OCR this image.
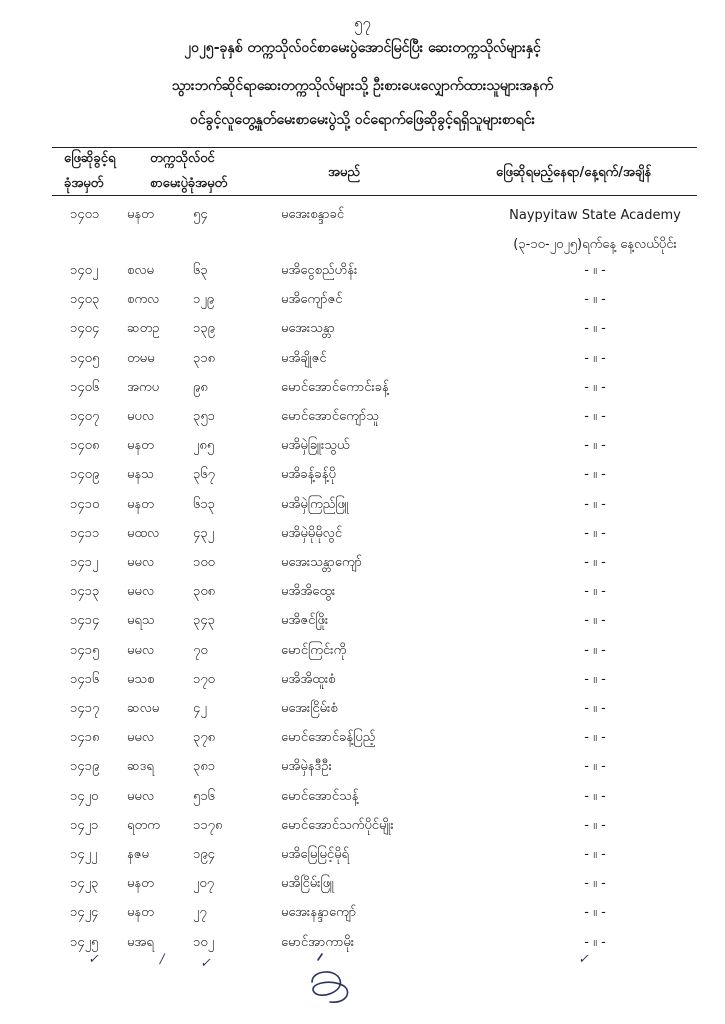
၅၇
၂၀၂၅-ခုနှစ် တက္ကသိုလ်ဝင်စာမေးပွဲအောင်မြင်ပြီး ဆေးတက္ကသိုလ်များနှင့်
သွားဘက်ဆိုင်ရာဆေးတက္ကသိုလ်များသို့ ဦးစားပေးလျှောက်ထားသူများအနက်
ဝင်ခွင့်လူတွေ့နှုတ်မေးစာမေးပွဲသို့ ဝင်ရောက်ဖြေဆိုခွင့်ရရှိသူများစာရင်း
ဖြေဆိုခွင့်ရ
ခုံအမှတ်
တက္ကသိုလ်ဝင်
စာမေးပွဲခုံအမှတ်
အမည်	ဖြေဆိုရမည့်နေရာ/နေ့ရက်/အချိန်
Naypyitaw State Academy
(၃-၁၀-၂၀၂၅)ရက်နေ့ နေ့လယ်ပိုင်း
၁၄၀၁ မနတ	၅၄	မအေးစန္ဒာခင်
၁၄၀၂ စလမ	၆၃	မအိငွေစည်ဟိန်း	- ။ -
၁၄၀၃ စကလ	၁၂၉	မအိကျော်ဇင်	- ။ -
၁၄၀၄ ဆတဥ	၁၃၉	မအေးသန္တာ	- ။ -
၁၄၀၅ တမမ	၃၁၈	မအိချိုဇင်	- ။ -
၁၄၀၆ အကပ	၉၈	မောင်အောင်ကောင်းခန့်	- ။ -
၁၄၀၇ မပလ	၃၅၁	မောင်အောင်ကျော်သူ	- ။ -
၁၄၀၈ မနတ	၂၈၅	မအိမှဲခြူးသွယ်	- ။ -
၁၄၀၉ မနသ	၃၆၇	မအိခန့်ခန့်ပို	- ။ -
၁၄၁၀ မနတ	၆၁၃	မအိမှဲကြည်ဖြူ	- ။ -
၁၄၁၁ မထလ	၄၃၂	မအိမှဲမိုမိုလွင်	- ။ -
၁၄၁၂ မမလ	၁၀၀	မအေးသန္တာကျော်	- ။ -
၁၄၁၃ မမလ	၃၀၈	မအိအိထွေး	- ။ -
၁၄၁၄ မရသ	၃၄၃	မအိဇင်ဖြိုး	- ။ -
၁၄၁၅ မမလ	၇၀	မောင်ကြင်းကို	- ။ -
၁၄၁၆ မသစ	၁၇၀	မအိအိထူးစံ	- ။ -
၁၄၁၇ ဆလမ	၄၂	မအေးငြိမ်းစံ	- ။ -
၁၄၁၈ မမလ	၃၇၈	မောင်အောင်ခန့်ပြည့်	- ။ -
၁၄၁၉ ဆဒရ	၃၈၁	မအိမှဲနဒီဦး	- ။ -
၁၄၂၀ မမလ	၅၁၆	မောင်အောင်သန့်	- ။ -
၁၄၂၁ ရတက	၁၁၇၈	မောင်အောင်သက်ပိုင်မျိုး	- ။ -
၁၄၂၂ နဇမ	၁၉၄	မအိမြေမြင့်မိုရ်	- ။ -
၁၄၂၃ မနတ	၂၀၇	မအိငြိမ်းဖြူ	- ။ -
၁၄၂၄ မနတ	၂၇	မအေးနန္ဒာကျော်	- ။ -
၁၄၂၅ မအရ	၁၀၂	မောင်အာကာမိုး	- ။ -
✓	/	✓	✓
